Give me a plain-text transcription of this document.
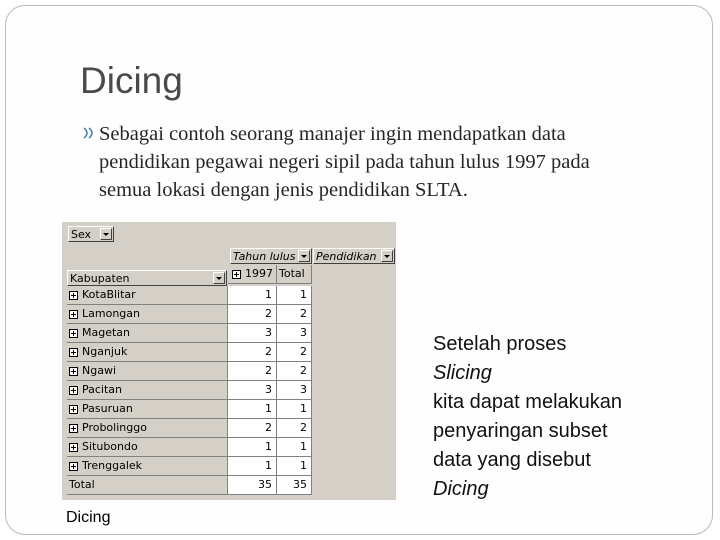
Dicing
Sebagai contoh seorang manajer ingin mendapatkan data
pendidikan pegawai negeri sipil pada tahun lulus 1997 pada
semua lokasi dengan jenis pendidikan SLTA.
Sex
Tahun lulus Pendidikan
Kabupaten	1997 Total
KotaBlitar
Lamongan
Magetan
Nganjuk
Ngawi
Pacitan
Pasuruan
Probolinggo
Situbondo
Trenggalek
Total
1
2
3
2
2
3
1
2
1
1
35
1
2
3
2
2
3
1
2
1
1
35
Dicing
Setelah proses
Slicing
kita dapat melakukan
penyaringan subset
data yang disebut
Dicing
